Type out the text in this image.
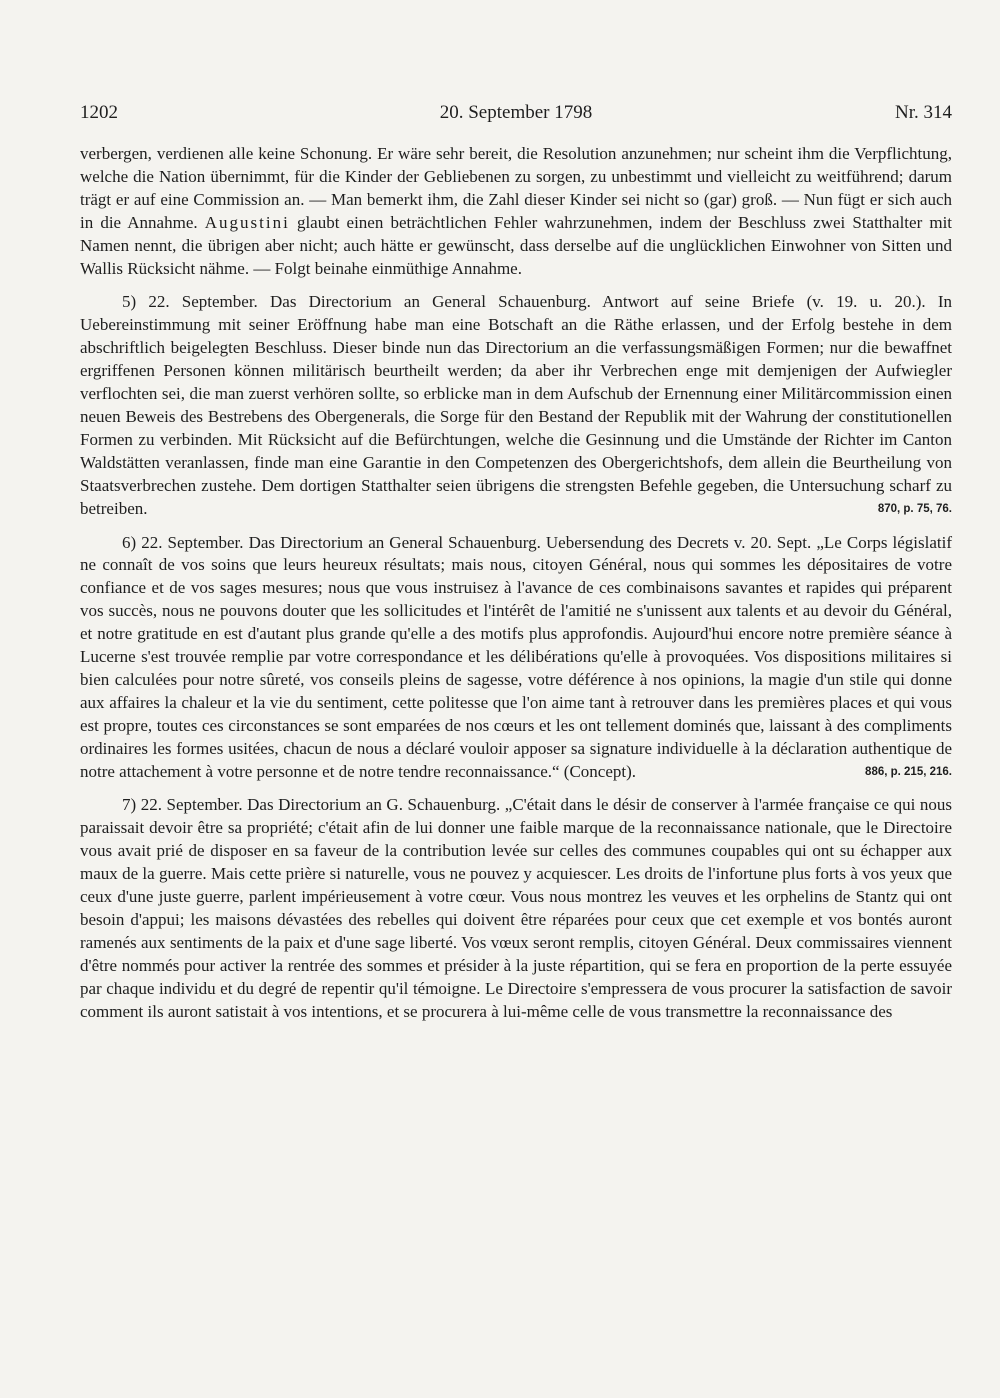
1202	20. September 1798	Nr. 314

verbergen, verdienen alle keine Schonung. Er wäre sehr bereit, die Resolution anzunehmen; nur scheint ihm die Verpflichtung, welche die Nation übernimmt, für die Kinder der Gebliebenen zu sorgen, zu unbestimmt und vielleicht zu weitführend; darum trägt er auf eine Commission an. — Man bemerkt ihm, die Zahl dieser Kinder sei nicht so (gar) groß. — Nun fügt er sich auch in die Annahme. Augustini glaubt einen beträchtlichen Fehler wahrzunehmen, indem der Beschluss zwei Statthalter mit Namen nennt, die übrigen aber nicht; auch hätte er gewünscht, dass derselbe auf die unglücklichen Einwohner von Sitten und Wallis Rücksicht nähme. — Folgt beinahe einmüthige Annahme.

5) 22. September. Das Directorium an General Schauenburg. Antwort auf seine Briefe (v. 19. u. 20.). In Uebereinstimmung mit seiner Eröffnung habe man eine Botschaft an die Räthe erlassen, und der Erfolg bestehe in dem abschriftlich beigelegten Beschluss. Dieser binde nun das Directorium an die verfassungsmäßigen Formen; nur die bewaffnet ergriffenen Personen können militärisch beurtheilt werden; da aber ihr Verbrechen enge mit demjenigen der Aufwiegler verflochten sei, die man zuerst verhören sollte, so erblicke man in dem Aufschub der Ernennung einer Militärcommission einen neuen Beweis des Bestrebens des Obergenerals, die Sorge für den Bestand der Republik mit der Wahrung der constitutionellen Formen zu verbinden. Mit Rücksicht auf die Befürchtungen, welche die Gesinnung und die Umstände der Richter im Canton Waldstätten veranlassen, finde man eine Garantie in den Competenzen des Obergerichtshofs, dem allein die Beurtheilung von Staatsverbrechen zustehe. Dem dortigen Statthalter seien übrigens die strengsten Befehle gegeben, die Untersuchung scharf zu betreiben.	870, p. 75, 76.

6) 22. September. Das Directorium an General Schauenburg. Uebersendung des Decrets v. 20. Sept. „Le Corps législatif ne connaît de vos soins que leurs heureux résultats; mais nous, citoyen Général, nous qui sommes les dépositaires de votre confiance et de vos sages mesures; nous que vous instruisez à l'avance de ces combinaisons savantes et rapides qui préparent vos succès, nous ne pouvons douter que les sollicitudes et l'intérêt de l'amitié ne s'unissent aux talents et au devoir du Général, et notre gratitude en est d'autant plus grande qu'elle a des motifs plus approfondis. Aujourd'hui encore notre première séance à Lucerne s'est trouvée remplie par votre correspondance et les délibérations qu'elle à provoquées. Vos dispositions militaires si bien calculées pour notre sûreté, vos conseils pleins de sagesse, votre déférence à nos opinions, la magie d'un stile qui donne aux affaires la chaleur et la vie du sentiment, cette politesse que l'on aime tant à retrouver dans les premières places et qui vous est propre, toutes ces circonstances se sont emparées de nos cœurs et les ont tellement dominés que, laissant à des compliments ordinaires les formes usitées, chacun de nous a déclaré vouloir apposer sa signature individuelle à la déclaration authentique de notre attachement à votre personne et de notre tendre reconnaissance.“ (Concept).	886, p. 215, 216.

7) 22. September. Das Directorium an G. Schauenburg. „C'était dans le désir de conserver à l'armée française ce qui nous paraissait devoir être sa propriété; c'était afin de lui donner une faible marque de la reconnaissance nationale, que le Directoire vous avait prié de disposer en sa faveur de la contribution levée sur celles des communes coupables qui ont su échapper aux maux de la guerre. Mais cette prière si naturelle, vous ne pouvez y acquiescer. Les droits de l'infortune plus forts à vos yeux que ceux d'une juste guerre, parlent impérieusement à votre cœur. Vous nous montrez les veuves et les orphelins de Stantz qui ont besoin d'appui; les maisons dévastées des rebelles qui doivent être réparées pour ceux que cet exemple et vos bontés auront ramenés aux sentiments de la paix et d'une sage liberté. Vos vœux seront remplis, citoyen Général. Deux commissaires viennent d'être nommés pour activer la rentrée des sommes et présider à la juste répartition, qui se fera en proportion de la perte essuyée par chaque individu et du degré de repentir qu'il témoigne. Le Directoire s'empressera de vous procurer la satisfaction de savoir comment ils auront satistait à vos intentions, et se procurera à lui-même celle de vous transmettre la reconnaissance des
